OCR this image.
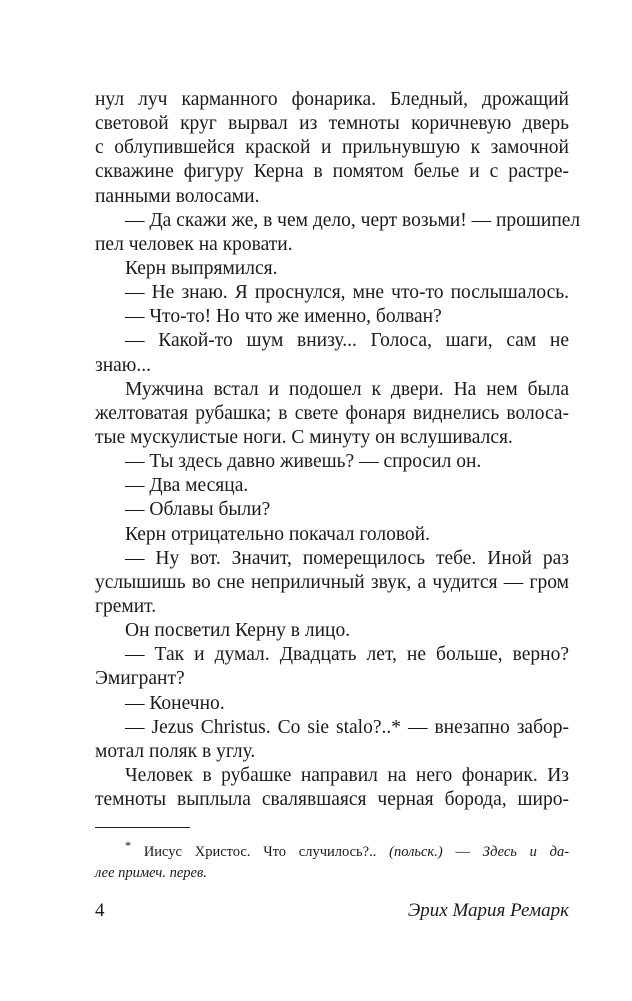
нул луч карманного фонарика. Бледный, дрожащий
световой круг вырвал из темноты коричневую дверь
с облупившейся краской и прильнувшую к замочной
скважине фигуру Керна в помятом белье и с растре-
панными волосами.
— Да скажи же, в чем дело, черт возьми! — прошипел
пел человек на кровати.
Керн выпрямился.
— Не знаю. Я проснулся, мне что-то послышалось.
— Что-то! Но что же именно, болван?
— Какой-то шум внизу... Голоса, шаги, сам не
знаю...
Мужчина встал и подошел к двери. На нем была
желтоватая рубашка; в свете фонаря виднелись волоса-
тые мускулистые ноги. С минуту он вслушивался.
— Ты здесь давно живешь? — спросил он.
— Два месяца.
— Облавы были?
Керн отрицательно покачал головой.
— Ну вот. Значит, померещилось тебе. Иной раз
услышишь во сне неприличный звук, а чудится — гром
гремит.
Он посветил Керну в лицо.
— Так и думал. Двадцать лет, не больше, верно?
Эмигрант?
— Конечно.
— Jezus Christus. Co sie stalo?..* — внезапно забор-
мотал поляк в углу.
Человек в рубашке направил на него фонарик. Из
темноты выплыла свалявшаяся черная борода, широ-
* Иисус Христос. Что случилось?.. (польск.) — Здесь и да-
лее примеч. перев.
4	Эрих Мария Ремарк
